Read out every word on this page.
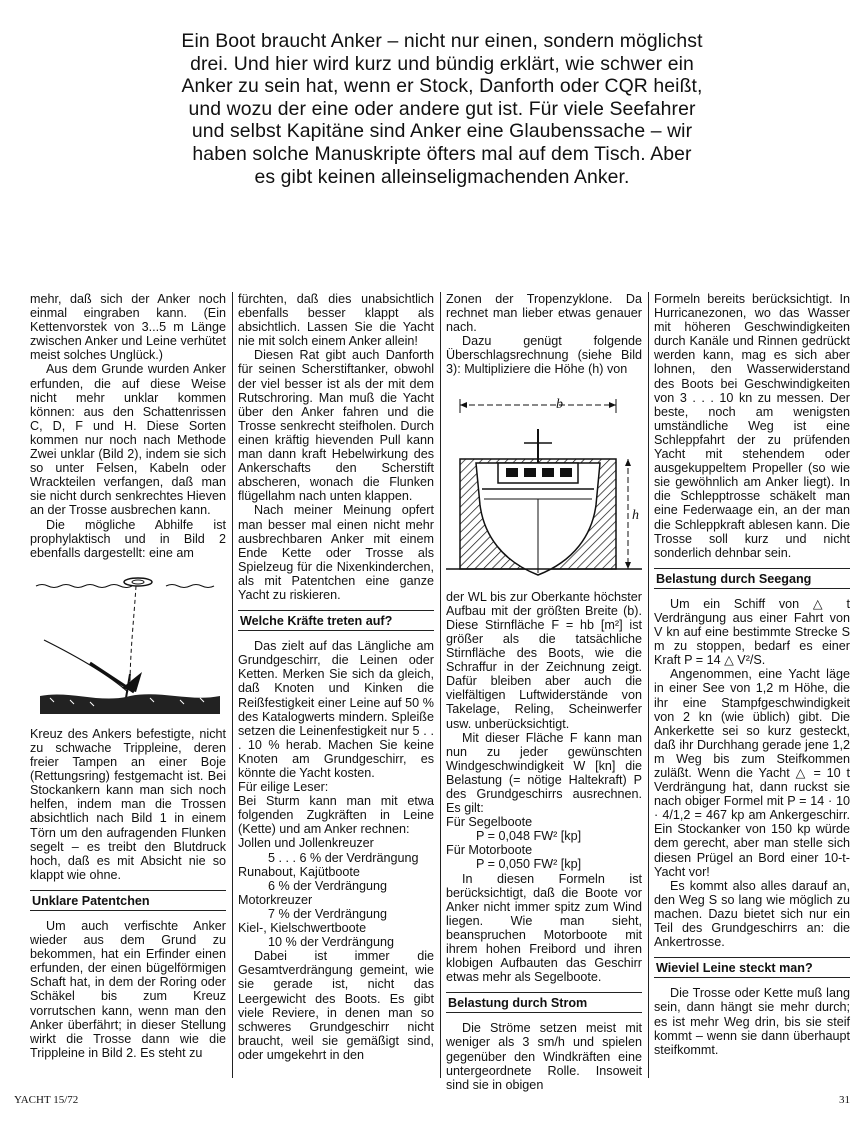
Ein Boot braucht Anker – nicht nur einen, sondern möglichst drei. Und hier wird kurz und bündig erklärt, wie schwer ein Anker zu sein hat, wenn er Stock, Danforth oder CQR heißt, und wozu der eine oder andere gut ist. Für viele Seefahrer und selbst Kapitäne sind Anker eine Glaubenssache – wir haben solche Manuskripte öfters mal auf dem Tisch. Aber es gibt keinen alleinseligmachenden Anker.

mehr, daß sich der Anker noch einmal eingraben kann. (Ein Kettenvorstek von 3...5 m Länge zwischen Anker und Leine verhütet meist solches Unglück.)

Aus dem Grunde wurden Anker erfunden, die auf diese Weise nicht mehr unklar kommen können: aus den Schattenrissen C, D, F und H. Diese Sorten kommen nur noch nach Methode Zwei unklar (Bild 2), indem sie sich so unter Felsen, Kabeln oder Wrackteilen verfangen, daß man sie nicht durch senkrechtes Hieven an der Trosse ausbrechen kann.

Die mögliche Abhilfe ist prophylaktisch und in Bild 2 ebenfalls dargestellt: eine am

Kreuz des Ankers befestigte, nicht zu schwache Trippleine, deren freier Tampen an einer Boje (Rettungsring) festgemacht ist. Bei Stockankern kann man sich noch helfen, indem man die Trossen absichtlich nach Bild 1 in einem Törn um den aufragenden Flunken segelt – es treibt den Blutdruck hoch, daß es mit Absicht nie so klappt wie ohne.

Unklare Patentchen

Um auch verfischte Anker wieder aus dem Grund zu bekommen, hat ein Erfinder einen erfunden, der einen bügelförmigen Schaft hat, in dem der Roring oder Schäkel bis zum Kreuz vorrutschen kann, wenn man den Anker überfährt; in dieser Stellung wirkt die Trosse dann wie die Trippleine in Bild 2. Es steht zu

fürchten, daß dies unabsichtlich ebenfalls besser klappt als absichtlich. Lassen Sie die Yacht nie mit solch einem Anker allein!

Diesen Rat gibt auch Danforth für seinen Scherstiftanker, obwohl der viel besser ist als der mit dem Rutschroring. Man muß die Yacht über den Anker fahren und die Trosse senkrecht steifholen. Durch einen kräftig hievenden Pull kann man dann kraft Hebelwirkung des Ankerschafts den Scherstift abscheren, wonach die Flunken flügellahm nach unten klappen.

Nach meiner Meinung opfert man besser mal einen nicht mehr ausbrechbaren Anker mit einem Ende Kette oder Trosse als Spielzeug für die Nixenkinderchen, als mit Patentchen eine ganze Yacht zu riskieren.

Welche Kräfte treten auf?

Das zielt auf das Längliche am Grundgeschirr, die Leinen oder Ketten. Merken Sie sich da gleich, daß Knoten und Kinken die Reißfestigkeit einer Leine auf 50 % des Katalogwerts mindern. Spleiße setzen die Leinenfestigkeit nur 5 . . . 10 % herab. Machen Sie keine Knoten am Grundgeschirr, es könnte die Yacht kosten.

Für eilige Leser:

Bei Sturm kann man mit etwa folgenden Zugkräften in Leine (Kette) und am Anker rechnen:

Jollen und Jollenkreuzer

5 . . . 6 % der Verdrängung

Runabout, Kajütboote

6 % der Verdrängung

Motorkreuzer

7 % der Verdrängung

Kiel-, Kielschwertboote

10 % der Verdrängung

Dabei ist immer die Gesamtverdrängung gemeint, wie sie gerade ist, nicht das Leergewicht des Boots. Es gibt viele Reviere, in denen man so schweres Grundgeschirr nicht braucht, weil sie gemäßigt sind, oder umgekehrt in den

Zonen der Tropenzyklone. Da rechnet man lieber etwas genauer nach.

Dazu genügt folgende Überschlagsrechnung (siehe Bild 3): Multipliziere die Höhe (h) von

b
h

der WL bis zur Oberkante höchster Aufbau mit der größten Breite (b). Diese Stirnfläche F = hb [m²] ist größer als die tatsächliche Stirnfläche des Boots, wie die Schraffur in der Zeichnung zeigt. Dafür bleiben aber auch die vielfältigen Luftwiderstände von Takelage, Reling, Scheinwerfer usw. unberücksichtigt.

Mit dieser Fläche F kann man nun zu jeder gewünschten Windgeschwindigkeit W [kn] die Belastung (= nötige Haltekraft) P des Grundgeschirrs ausrechnen. Es gilt:

Für Segelboote

P = 0,048 FW² [kp]

Für Motorboote

P = 0,050 FW² [kp]

In diesen Formeln ist berücksichtigt, daß die Boote vor Anker nicht immer spitz zum Wind liegen. Wie man sieht, beanspruchen Motorboote mit ihrem hohen Freibord und ihren klobigen Aufbauten das Geschirr etwas mehr als Segelboote.

Belastung durch Strom

Die Ströme setzen meist mit weniger als 3 sm/h und spielen gegenüber den Windkräften eine untergeordnete Rolle. Insoweit sind sie in obigen

Formeln bereits berücksichtigt. In Hurricanezonen, wo das Wasser mit höheren Geschwindigkeiten durch Kanäle und Rinnen gedrückt werden kann, mag es sich aber lohnen, den Wasserwiderstand des Boots bei Geschwindigkeiten von 3 . . . 10 kn zu messen. Der beste, noch am wenigsten umständliche Weg ist eine Schleppfahrt der zu prüfenden Yacht mit stehendem oder ausgekuppeltem Propeller (so wie sie gewöhnlich am Anker liegt). In die Schlepptrosse schäkelt man eine Federwaage ein, an der man die Schleppkraft ablesen kann. Die Trosse soll kurz und nicht sonderlich dehnbar sein.

Belastung durch Seegang

Um ein Schiff von △ t Verdrängung aus einer Fahrt von V kn auf eine bestimmte Strecke S m zu stoppen, bedarf es einer Kraft P = 14 △ V²/S.

Angenommen, eine Yacht läge in einer See von 1,2 m Höhe, die ihr eine Stampfgeschwindigkeit von 2 kn (wie üblich) gibt. Die Ankerkette sei so kurz gesteckt, daß ihr Durchhang gerade jene 1,2 m Weg bis zum Steifkommen zuläßt. Wenn die Yacht △ = 10 t Verdrängung hat, dann ruckst sie nach obiger Formel mit P = 14 · 10 · 4/1,2 = 467 kp am Ankergeschirr. Ein Stockanker von 150 kp würde dem gerecht, aber man stelle sich diesen Prügel an Bord einer 10-t-Yacht vor!

Es kommt also alles darauf an, den Weg S so lang wie möglich zu machen. Dazu bietet sich nur ein Teil des Grundgeschirrs an: die Ankertrosse.

Wieviel Leine steckt man?

Die Trosse oder Kette muß lang sein, dann hängt sie mehr durch; es ist mehr Weg drin, bis sie steif kommt – wenn sie dann überhaupt steifkommt.

YACHT 15/72	31
